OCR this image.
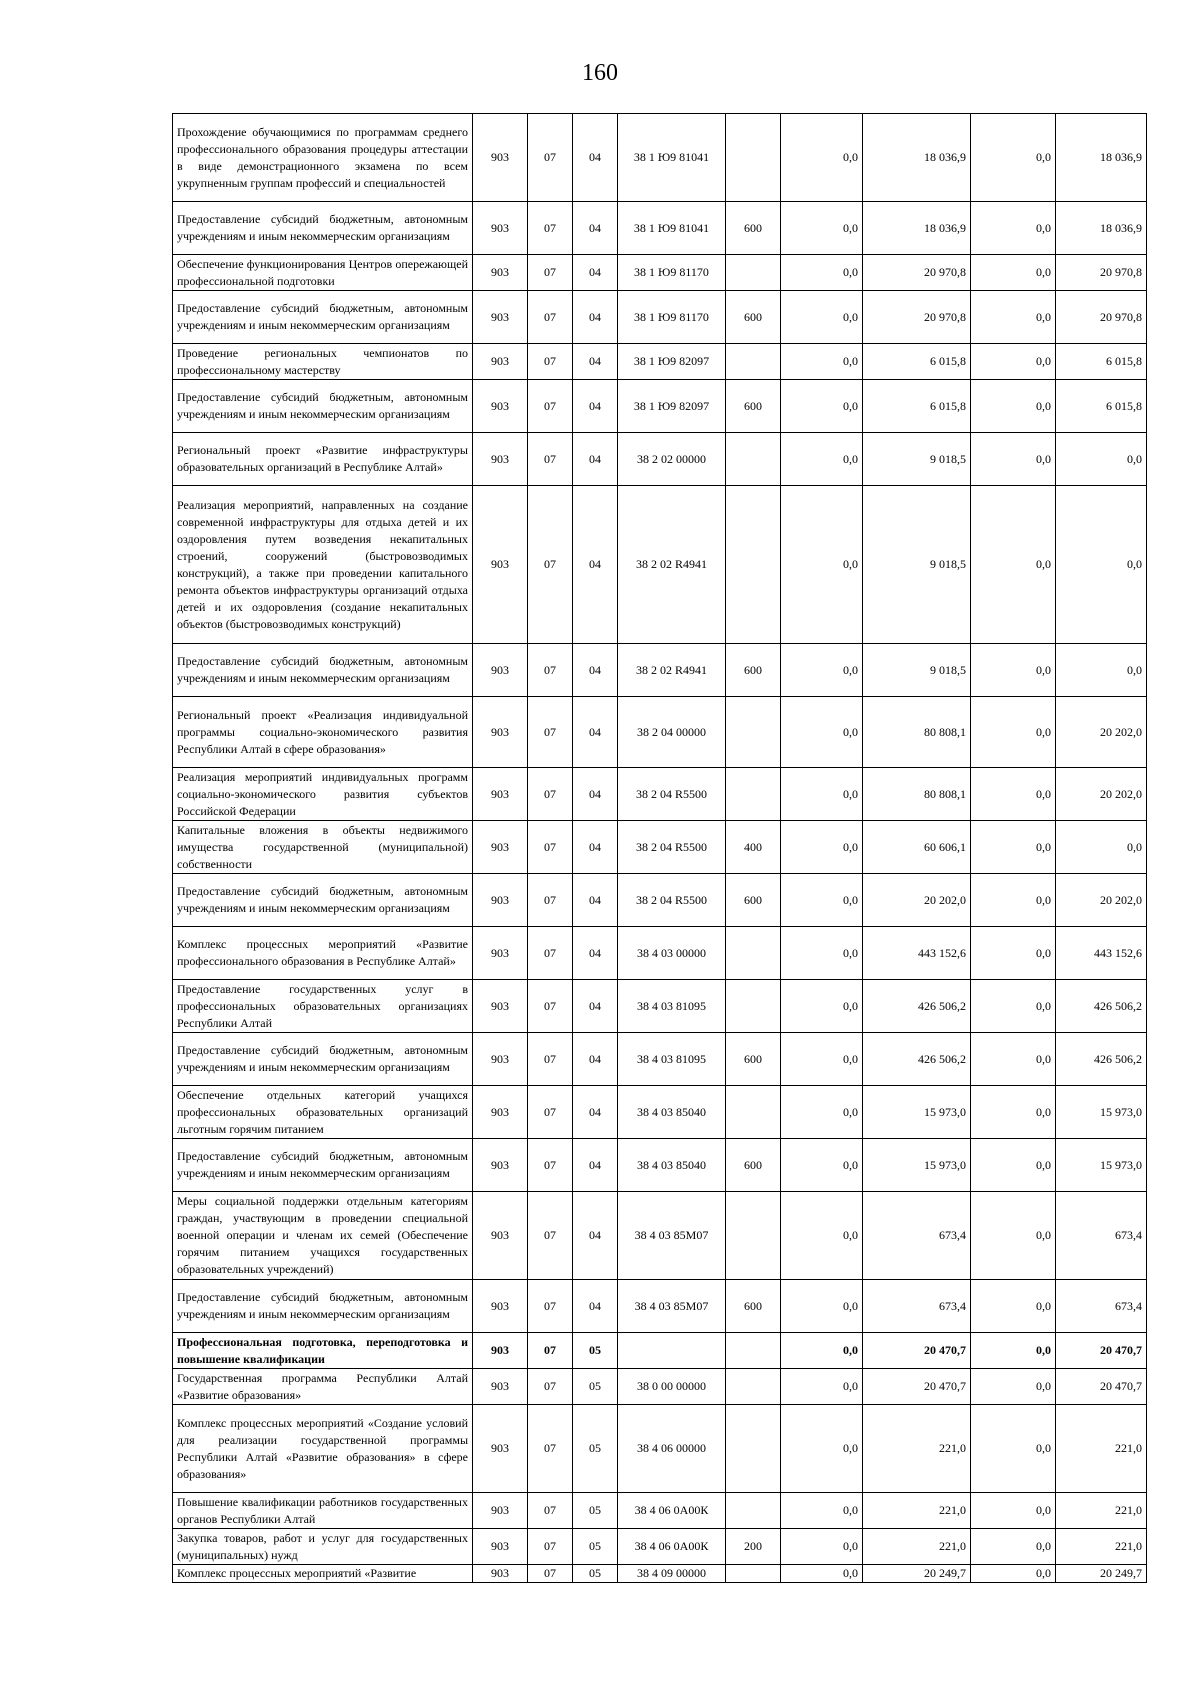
160
Прохождение обучающимися по программам среднего профессионального образования процедуры аттестации в виде демонстрационного экзамена по всем укрупненным группам профессий и специальностей	903	07	04	38 1 Ю9 81041		0,0	18 036,9	0,0	18 036,9
Предоставление субсидий бюджетным, автономным учреждениям и иным некоммерческим организациям	903	07	04	38 1 Ю9 81041	600	0,0	18 036,9	0,0	18 036,9
Обеспечение функционирования Центров опережающей профессиональной подготовки	903	07	04	38 1 Ю9 81170		0,0	20 970,8	0,0	20 970,8
Предоставление субсидий бюджетным, автономным учреждениям и иным некоммерческим организациям	903	07	04	38 1 Ю9 81170	600	0,0	20 970,8	0,0	20 970,8
Проведение региональных чемпионатов по профессиональному мастерству	903	07	04	38 1 Ю9 82097		0,0	6 015,8	0,0	6 015,8
Предоставление субсидий бюджетным, автономным учреждениям и иным некоммерческим организациям	903	07	04	38 1 Ю9 82097	600	0,0	6 015,8	0,0	6 015,8
Региональный проект «Развитие инфраструктуры образовательных организаций в Республике Алтай»	903	07	04	38 2 02 00000		0,0	9 018,5	0,0	0,0
Реализация мероприятий, направленных на создание современной инфраструктуры для отдыха детей и их оздоровления путем возведения некапитальных строений, сооружений (быстровозводимых конструкций), а также при проведении капитального ремонта объектов инфраструктуры организаций отдыха детей и их оздоровления (создание некапитальных объектов (быстровозводимых конструкций)	903	07	04	38 2 02 R4941		0,0	9 018,5	0,0	0,0
Предоставление субсидий бюджетным, автономным учреждениям и иным некоммерческим организациям	903	07	04	38 2 02 R4941	600	0,0	9 018,5	0,0	0,0
Региональный проект «Реализация индивидуальной программы социально-экономического развития Республики Алтай в сфере образования»	903	07	04	38 2 04 00000		0,0	80 808,1	0,0	20 202,0
Реализация мероприятий индивидуальных программ социально-экономического развития субъектов Российской Федерации	903	07	04	38 2 04 R5500		0,0	80 808,1	0,0	20 202,0
Капитальные вложения в объекты недвижимого имущества государственной (муниципальной) собственности	903	07	04	38 2 04 R5500	400	0,0	60 606,1	0,0	0,0
Предоставление субсидий бюджетным, автономным учреждениям и иным некоммерческим организациям	903	07	04	38 2 04 R5500	600	0,0	20 202,0	0,0	20 202,0
Комплекс процессных мероприятий «Развитие профессионального образования в Республике Алтай»	903	07	04	38 4 03 00000		0,0	443 152,6	0,0	443 152,6
Предоставление государственных услуг в профессиональных образовательных организациях Республики Алтай	903	07	04	38 4 03 81095		0,0	426 506,2	0,0	426 506,2
Предоставление субсидий бюджетным, автономным учреждениям и иным некоммерческим организациям	903	07	04	38 4 03 81095	600	0,0	426 506,2	0,0	426 506,2
Обеспечение отдельных категорий учащихся профессиональных образовательных организаций льготным горячим питанием	903	07	04	38 4 03 85040		0,0	15 973,0	0,0	15 973,0
Предоставление субсидий бюджетным, автономным учреждениям и иным некоммерческим организациям	903	07	04	38 4 03 85040	600	0,0	15 973,0	0,0	15 973,0
Меры социальной поддержки отдельным категориям граждан, участвующим в проведении специальной военной операции и членам их семей (Обеспечение горячим питанием учащихся государственных образовательных учреждений)	903	07	04	38 4 03 85М07		0,0	673,4	0,0	673,4
Предоставление субсидий бюджетным, автономным учреждениям и иным некоммерческим организациям	903	07	04	38 4 03 85М07	600	0,0	673,4	0,0	673,4
Профессиональная подготовка, переподготовка и повышение квалификации	903	07	05			0,0	20 470,7	0,0	20 470,7
Государственная программа Республики Алтай «Развитие образования»	903	07	05	38 0 00 00000		0,0	20 470,7	0,0	20 470,7
Комплекс процессных мероприятий «Создание условий для реализации государственной программы Республики Алтай «Развитие образования» в сфере образования»	903	07	05	38 4 06 00000		0,0	221,0	0,0	221,0
Повышение квалификации работников государственных органов Республики Алтай	903	07	05	38 4 06 0А00К		0,0	221,0	0,0	221,0
Закупка товаров, работ и услуг для государственных (муниципальных) нужд	903	07	05	38 4 06 0А00К	200	0,0	221,0	0,0	221,0
Комплекс процессных мероприятий «Развитие	903	07	05	38 4 09 00000		0,0	20 249,7	0,0	20 249,7
